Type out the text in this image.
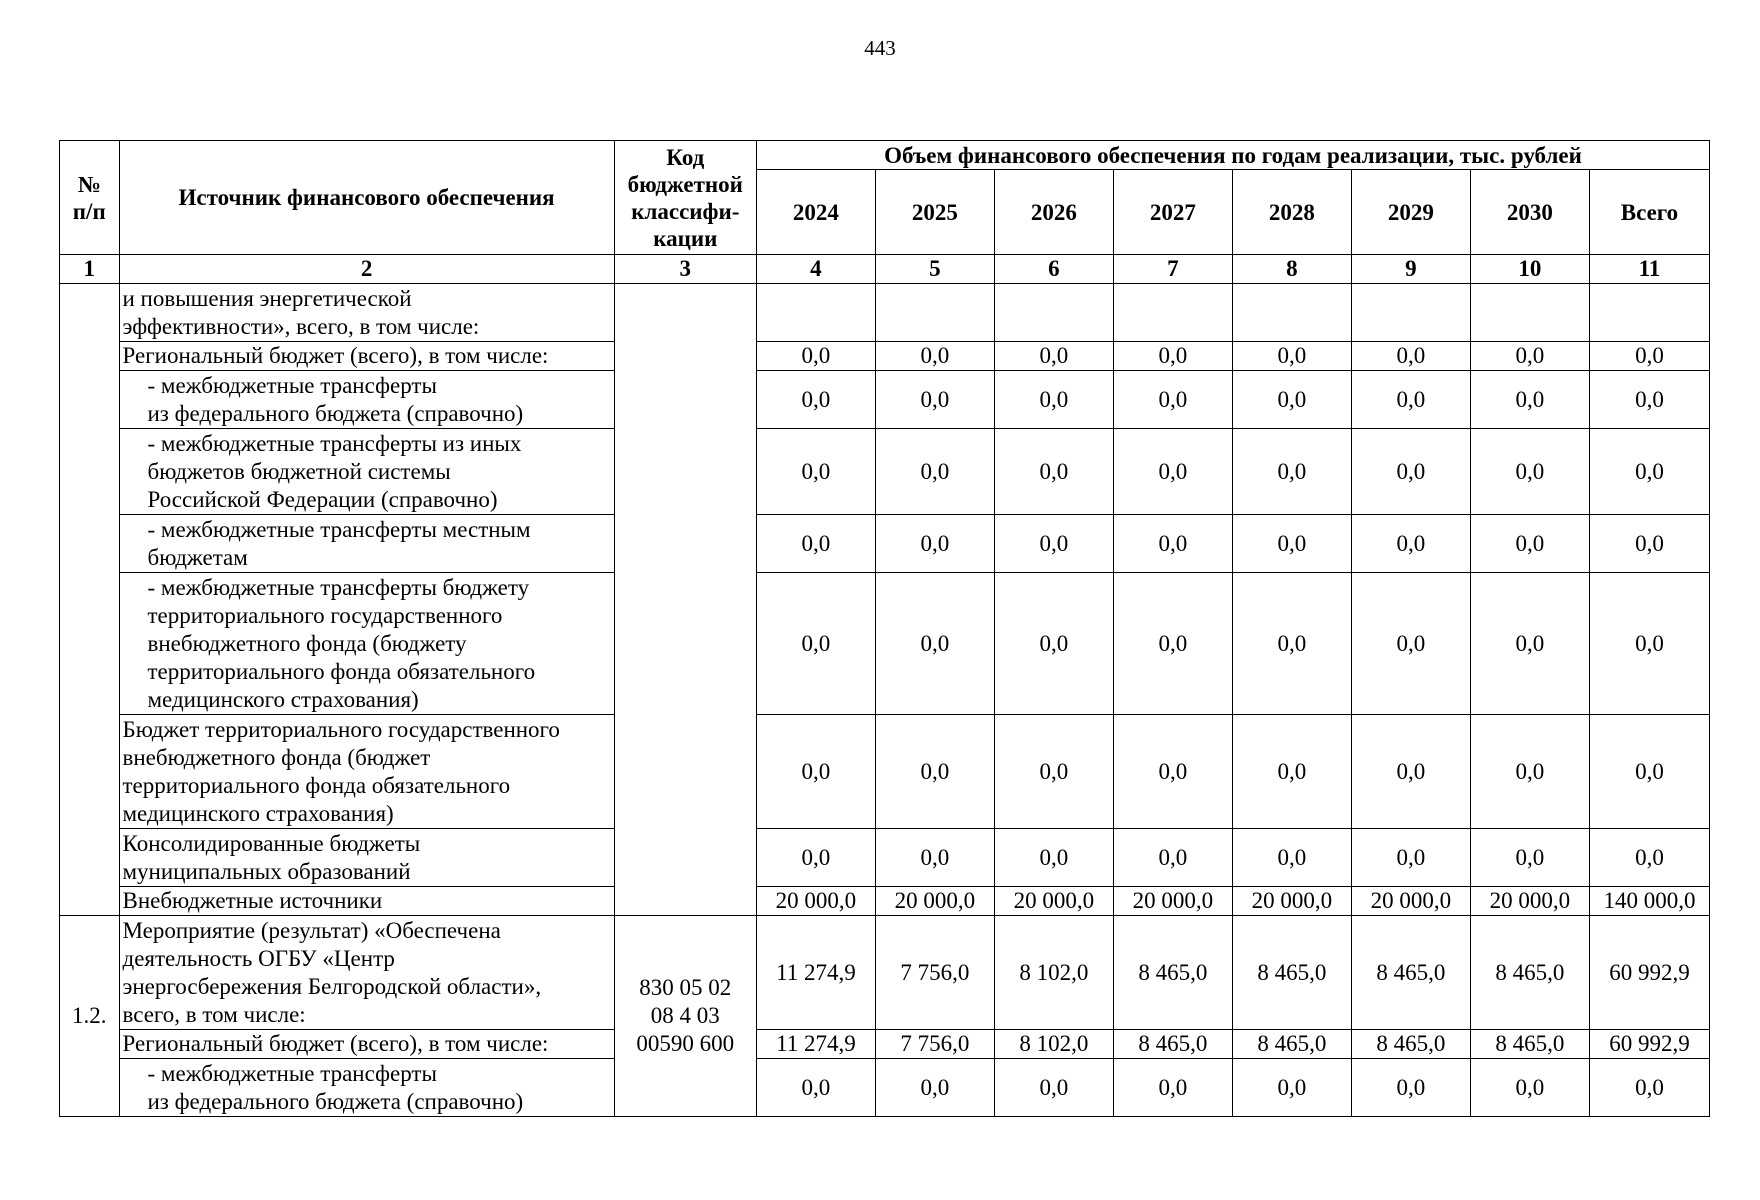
443
№
п/п	Источник финансового обеспечения	Код
бюджетной
классифи-
кации	Объем финансового обеспечения по годам реализации, тыс. рублей							
			2024	2025	2026	2027	2028	2029	2030	Всего
1	2	3	4	5	6	7	8	9	10	11

	и повышения энергетической
эффективности», всего, в том числе:									

	Региональный бюджет (всего), в том числе:		0,0	0,0	0,0	0,0	0,0	0,0	0,0	0,0

	- межбюджетные трансферты
из федерального бюджета (справочно)		0,0	0,0	0,0	0,0	0,0	0,0	0,0	0,0

	- межбюджетные трансферты из иных
бюджетов бюджетной системы
Российской Федерации (справочно)		0,0	0,0	0,0	0,0	0,0	0,0	0,0	0,0

	- межбюджетные трансферты местным
бюджетам		0,0	0,0	0,0	0,0	0,0	0,0	0,0	0,0

	- межбюджетные трансферты бюджету
территориального государственного
внебюджетного фонда (бюджету
территориального фонда обязательного
медицинского страхования)		0,0	0,0	0,0	0,0	0,0	0,0	0,0	0,0

	Бюджет территориального государственного
внебюджетного фонда (бюджет
территориального фонда обязательного
медицинского страхования)		0,0	0,0	0,0	0,0	0,0	0,0	0,0	0,0

	Консолидированные бюджеты
муниципальных образований		0,0	0,0	0,0	0,0	0,0	0,0	0,0	0,0

	Внебюджетные источники		20 000,0	20 000,0	20 000,0	20 000,0	20 000,0	20 000,0	20 000,0	140 000,0
1.2.	Мероприятие (результат) «Обеспечена
деятельность ОГБУ «Центр
энергосбережения Белгородской области»,
всего, в том числе:	830 05 02
08 4 03
00590 600	11 274,9	7 756,0	8 102,0	8 465,0	8 465,0	8 465,0	8 465,0	60 992,9

	Региональный бюджет (всего), в том числе:		11 274,9	7 756,0	8 102,0	8 465,0	8 465,0	8 465,0	8 465,0	60 992,9

	- межбюджетные трансферты
из федерального бюджета (справочно)		0,0	0,0	0,0	0,0	0,0	0,0	0,0	0,0
